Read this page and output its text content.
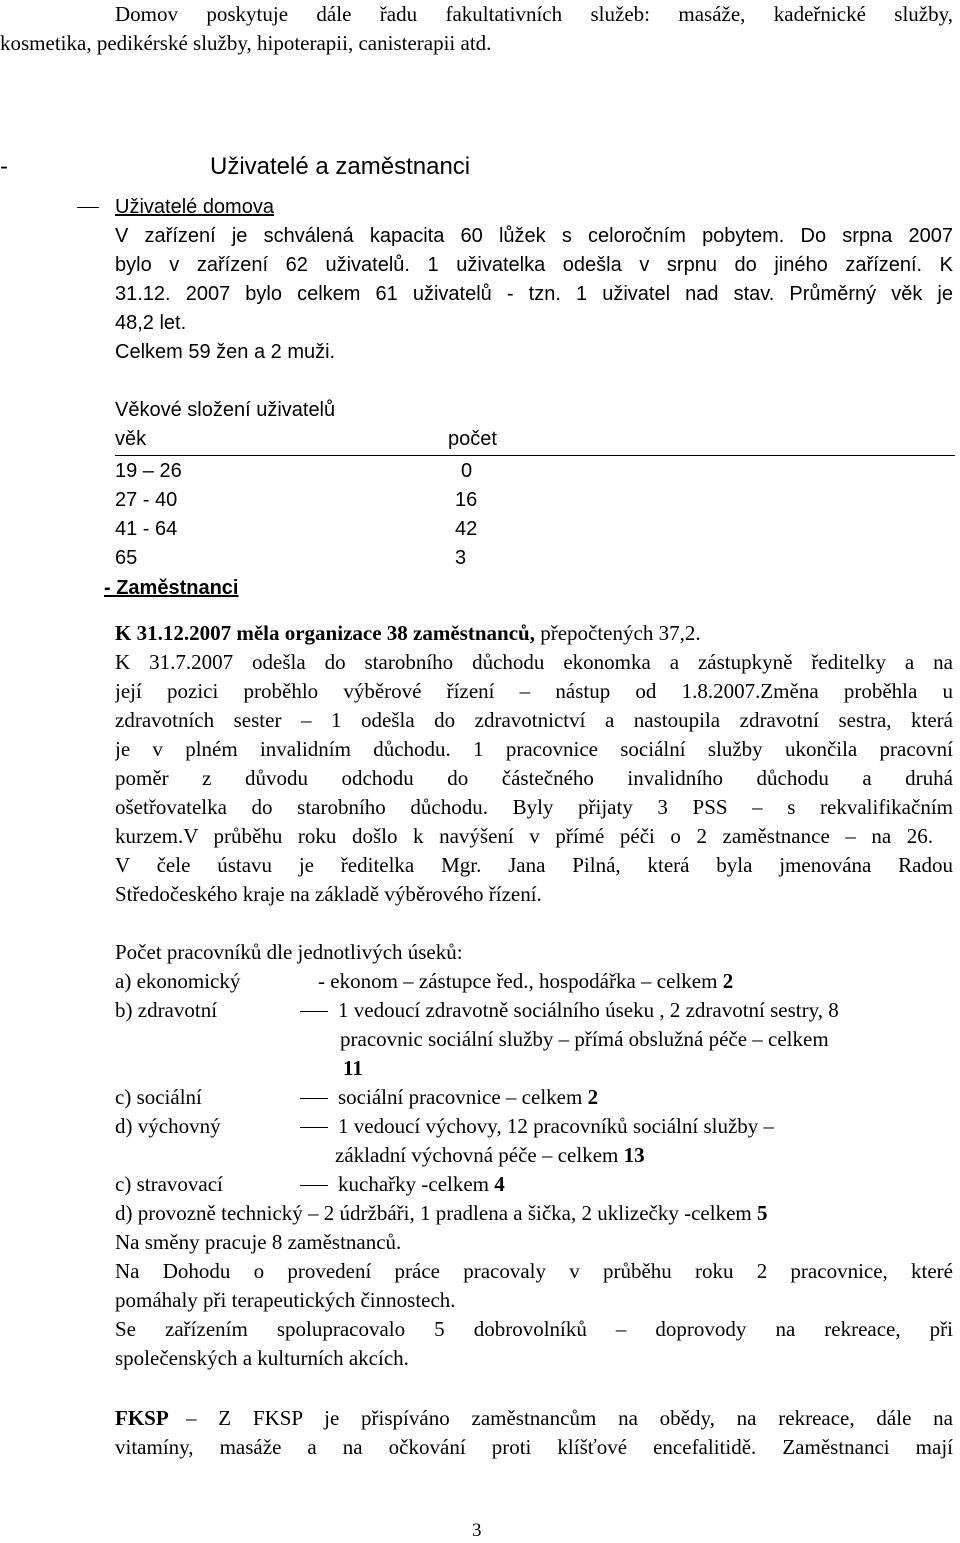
Domov poskytuje dále řadu fakultativních služeb: masáže, kadeřnické služby,
kosmetika, pedikérské služby, hipoterapii, canisterapii atd.
-	Uživatelé a zaměstnanci
Uživatelé domova
V zařízení je schválená kapacita 60 lůžek s celoročním pobytem. Do srpna 2007
bylo v zařízení 62 uživatelů. 1 uživatelka odešla v srpnu do jiného zařízení. K
31.12. 2007 bylo celkem 61 uživatelů - tzn. 1 uživatel nad stav. Průměrný věk je
48,2 let.
Celkem 59 žen a 2 muži.
Věkové složení uživatelů
věk	počet
19 – 26	0
27 - 40	16
41 - 64	42
65	3
- Zaměstnanci
K 31.12.2007 měla organizace 38 zaměstnanců, přepočtených 37,2.
K 31.7.2007 odešla do starobního důchodu ekonomka a zástupkyně ředitelky a na
její pozici proběhlo výběrové řízení – nástup od 1.8.2007.Změna proběhla u
zdravotních sester – 1 odešla do zdravotnictví a nastoupila zdravotní sestra, která
je v plném invalidním důchodu. 1 pracovnice sociální služby ukončila pracovní
poměr z důvodu odchodu do částečného invalidního důchodu a druhá
ošetřovatelka do starobního důchodu. Byly přijaty 3 PSS – s rekvalifikačním
kurzem.V průběhu roku došlo k navýšení v přímé péči o 2 zaměstnance – na 26.
V čele ústavu je ředitelka Mgr. Jana Pilná, která byla jmenována Radou
Středočeského kraje na základě výběrového řízení.
Počet pracovníků dle jednotlivých úseků:
a) ekonomický	- ekonom – zástupce řed., hospodářka – celkem 2
b) zdravotní	1 vedoucí zdravotně sociálního úseku , 2 zdravotní sestry, 8
pracovnic sociální služby – přímá obslužná péče – celkem
11
c) sociální	sociální pracovnice – celkem 2
d) výchovný	1 vedoucí výchovy, 12 pracovníků sociální služby –
základní výchovná péče – celkem 13
c) stravovací	kuchařky -celkem 4
d) provozně technický – 2 údržbáři, 1 pradlena a šička, 2 uklizečky -celkem 5
Na směny pracuje 8 zaměstnanců.
Na Dohodu o provedení práce pracovaly v průběhu roku 2 pracovnice, které
pomáhaly při terapeutických činnostech.
Se zařízením spolupracovalo 5 dobrovolníků – doprovody na rekreace, při
společenských a kulturních akcích.
FKSP – Z FKSP je přispíváno zaměstnancům na obědy, na rekreace, dále na
vitamíny, masáže a na očkování proti klíšťové encefalitidě. Zaměstnanci mají
3
